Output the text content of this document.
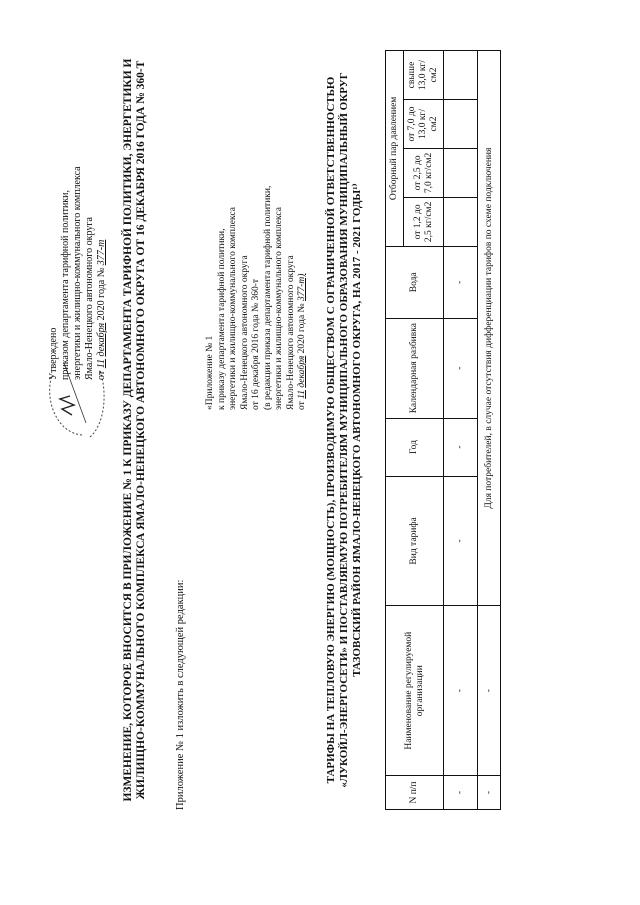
Утверждено приказом департамента тарифной политики, энергетики и жилищно-коммунального комплекса Ямало-Ненецкого автономного округа от 11 декабря 2020 года № 377-т ИЗМЕНЕНИЕ, КОТОРОЕ ВНОСИТСЯ В ПРИЛОЖЕНИЕ № 1 К ПРИКАЗУ ДЕПАРТАМЕНТА ТАРИФНОЙ ПОЛИТИКИ, ЭНЕРГЕТИКИ И ЖИЛИЩНО-КОММУНАЛЬНОГО КОМПЛЕКСА ЯМАЛО-НЕНЕЦКОГО АВТОНОМНОГО ОКРУГА ОТ 16 ДЕКАБРЯ 2016 ГОДА № 360-Т	Приложение № 1 изложить в следующей редакции:
«Приложение № 1 к приказу департамента тарифной политики, энергетики и жилищно-коммунального комплекса Ямало-Ненецкого автономного округа от 16 декабря 2016 года № 360-т (в редакции приказа департамента тарифной политики, энергетики и жилищно-коммунального комплекса Ямало-Ненецкого автономного округа от 11 декабря 2020 года № 377-т) ТАРИФЫ НА ТЕПЛОВУЮ ЭНЕРГИЮ (МОЩНОСТЬ), ПРОИЗВОДИМУЮ ОБЩЕСТВОМ С ОГРАНИЧЕННОЙ ОТВЕТСТВЕННОСТЬЮ «ЛУКОЙЛ-ЭНЕРГОСЕТИ» И ПОСТАВЛЯЕМУЮ ПОТРЕБИТЕЛЯМ МУНИЦИПАЛЬНОГО ОБРАЗОВАНИЯ МУНИЦИПАЛЬНЫЙ ОКРУГ ТАЗОВСКИЙ РАЙОН ЯМАЛО-НЕНЕЦКОГО АВТОНОМНОГО ОКРУГА, НА 2017 - 2021 ГОДЫ¹⁾
N п/п	Наименование регулируемой организации	Вид тарифа	Год	Календарная разбивка	Вода	Отборный пар давлением			
						от 1,2 до 2,5 кг/см2	от 2,5 до 7,0 кг/см2	от 7,0 до 13,0 кг/см2	свыше 13,0 кг/см2
-	-	-	-	-	-				
-	-	Для потребителей, в случае отсутствия дифференциации тарифов по схеме подключения							
